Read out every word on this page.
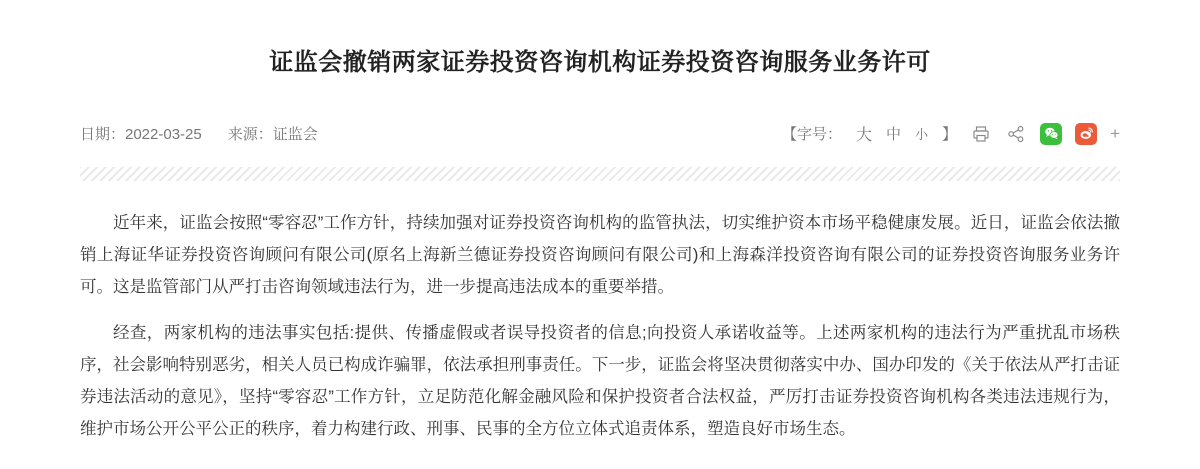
证监会撤销两家证券投资咨询机构证券投资咨询服务业务许可
日期：2022-03-25 来源：证监会	【字号： 大 中 小 】	+

近年来，证监会按照“零容忍”工作方针，持续加强对证券投资咨询机构的监管执法，切实维护资本市场平稳健康发展。近日，证监会依法撤销上海证华证券投资咨询顾问有限公司(原名上海新兰德证券投资咨询顾问有限公司)和上海森洋投资咨询有限公司的证券投资咨询服务业务许可。这是监管部门从严打击咨询领域违法行为，进一步提高违法成本的重要举措。

经查，两家机构的违法事实包括:提供、传播虚假或者误导投资者的信息;向投资人承诺收益等。上述两家机构的违法行为严重扰乱市场秩序，社会影响特别恶劣，相关人员已构成诈骗罪，依法承担刑事责任。下一步，证监会将坚决贯彻落实中办、国办印发的《关于依法从严打击证券违法活动的意见》，坚持“零容忍”工作方针，立足防范化解金融风险和保护投资者合法权益，严厉打击证券投资咨询机构各类违法违规行为，维护市场公开公平公正的秩序，着力构建行政、刑事、民事的全方位立体式追责体系，塑造良好市场生态。
